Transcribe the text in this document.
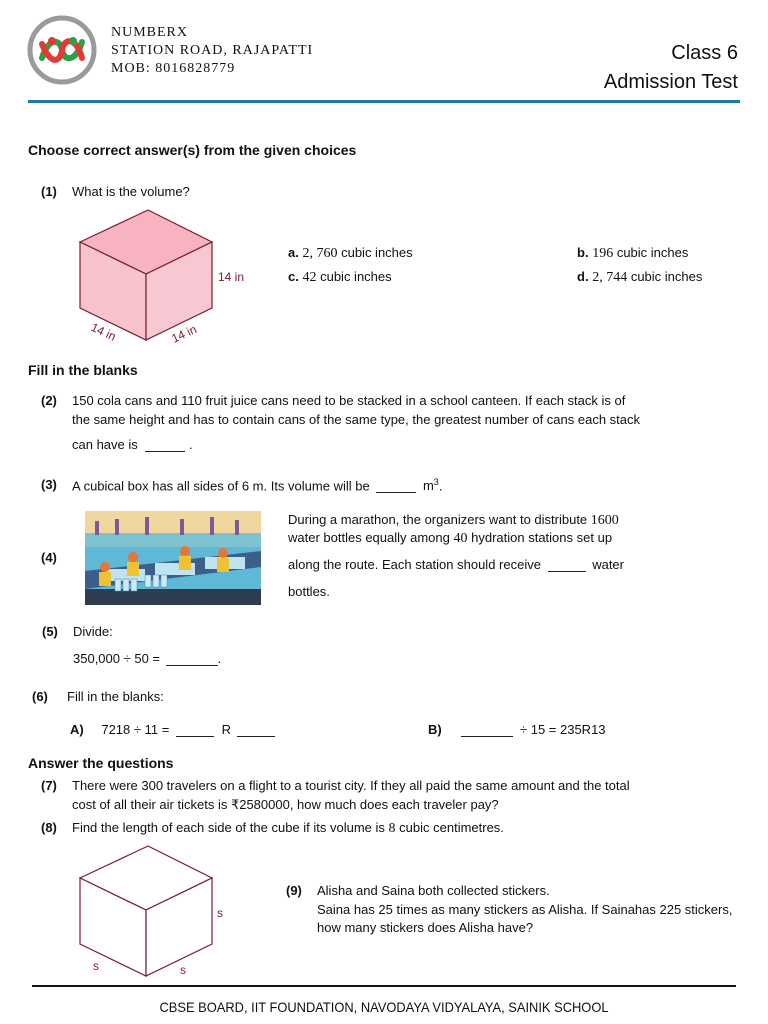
NUMBERX
STATION ROAD, RAJAPATTI
MOB: 8016828779
Class 6
Admission Test
Choose correct answer(s) from the given choices
(1) What is the volume?
14 in
14 in	14 in
a. 2, 760 cubic inches	b. 196 cubic inches
c. 42 cubic inches	d. 2, 744 cubic inches
Fill in the blanks
(2) 150 cola cans and 110 fruit juice cans need to be stacked in a school canteen. If each stack is of
the same height and has to contain cans of the same type, the greatest number of cans each stack
can have is	.
(3) A cubical box has all sides of 6 m. Its volume will be	$m^3$.
(4)
During a marathon, the organizers want to distribute 1600
water bottles equally among 40 hydration stations set up
along the route. Each station should receive	water
bottles.
(5) Divide:
350,000 ÷ 50 =	.
(6) Fill in the blanks:
A) 7218 ÷ 11 =	R	B)	÷ 15 = 235R13
Answer the questions
(7) There were 300 travelers on a flight to a tourist city. If they all paid the same amount and the total
cost of all their air tickets is ₹2580000, how much does each traveler pay?
(8) Find the length of each side of the cube if its volume is 8 cubic centimetres.
s
s	s
(9) Alisha and Saina both collected stickers.
Saina has 25 times as many stickers as Alisha. If Sainahas 225 stickers,
how many stickers does Alisha have?
CBSE BOARD, IIT FOUNDATION, NAVODAYA VIDYALAYA, SAINIK SCHOOL
